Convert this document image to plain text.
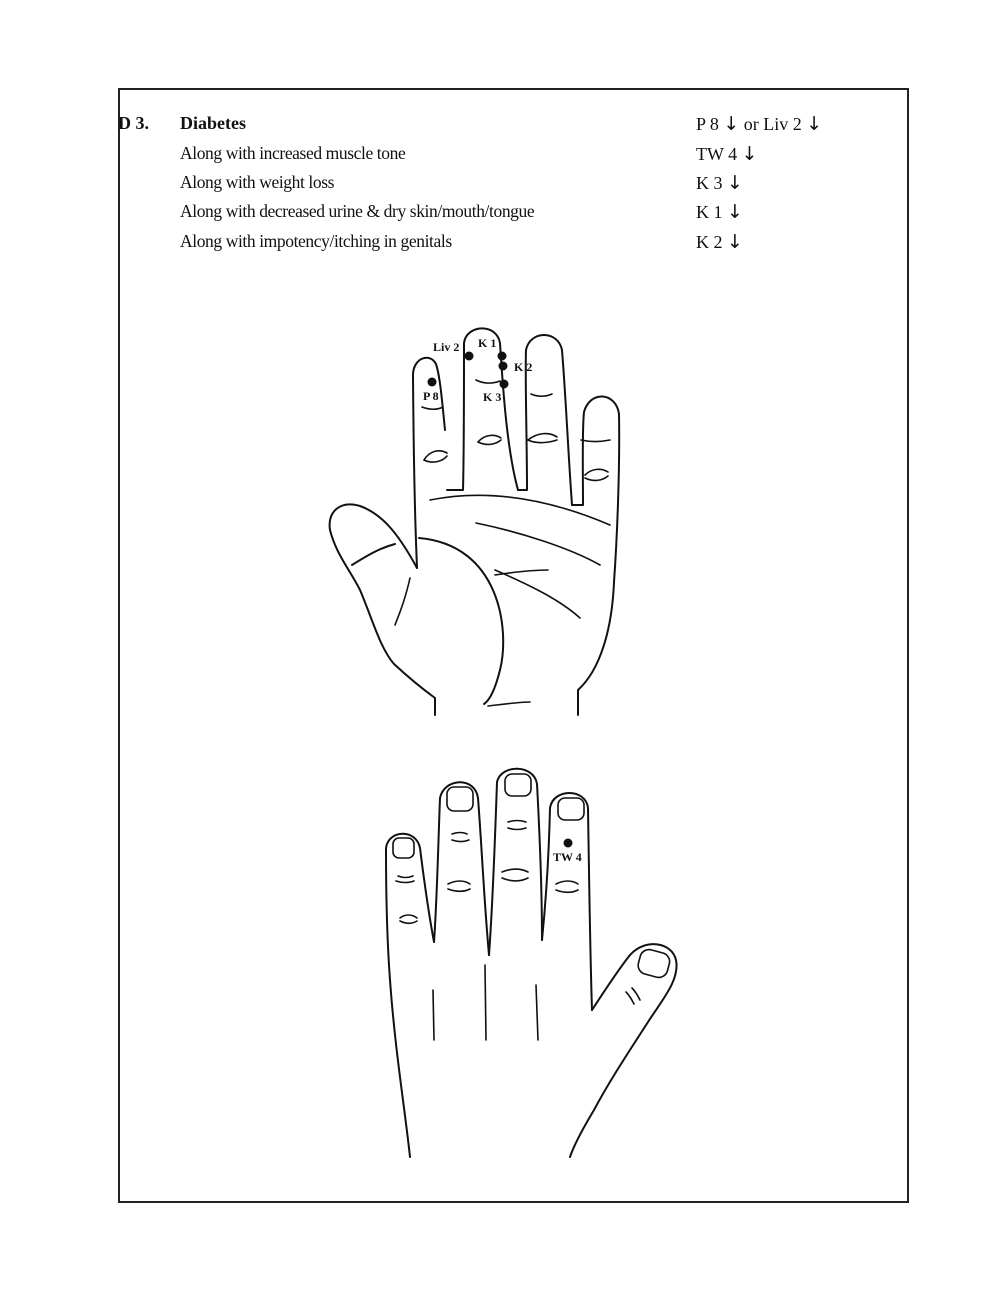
D 3. Diabetes	P 8 ↓ or Liv 2 ↓
Along with increased muscle tone	TW 4 ↓
Along with weight loss	K 3 ↓
Along with decreased urine & dry skin/mouth/tongue	K 1 ↓
Along with impotency/itching in genitals	K 2 ↓
Liv 2 K 1
K 2
P 8	K 3
TW 4
